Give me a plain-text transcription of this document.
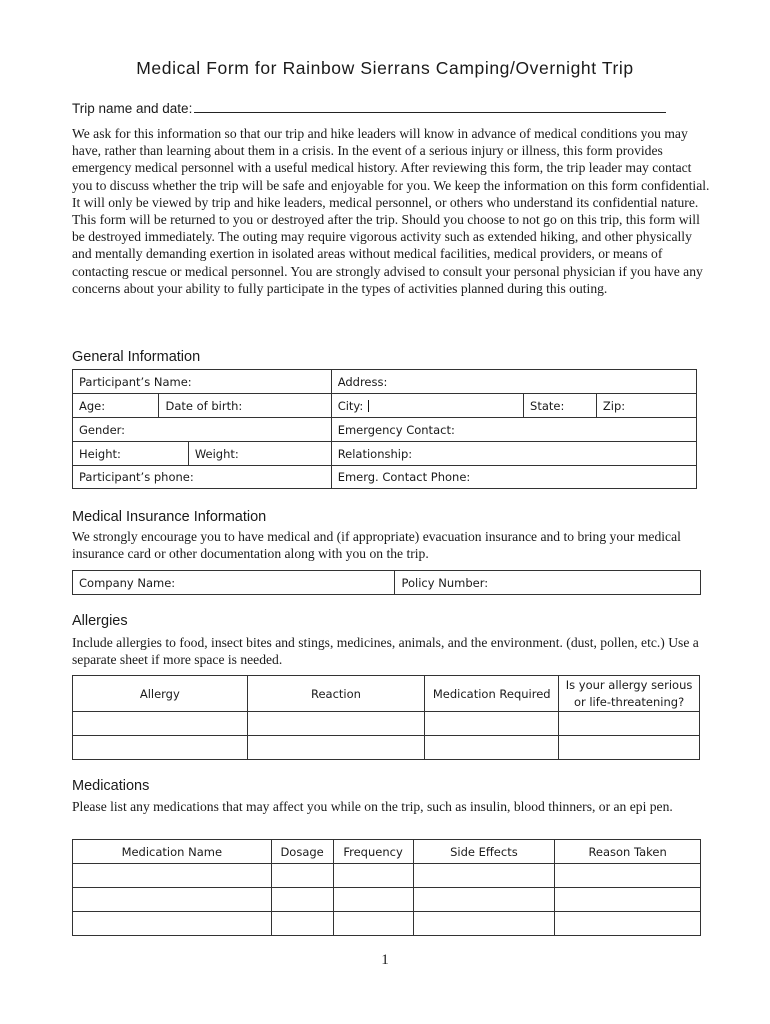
Medical Form for Rainbow Sierrans Camping/Overnight Trip
Trip name and date:
We ask for this information so that our trip and hike leaders will know in advance of medical conditions you may have, rather than learning about them in a crisis. In the event of a serious injury or illness, this form provides emergency medical personnel with a useful medical history. After reviewing this form, the trip leader may contact you to discuss whether the trip will be safe and enjoyable for you. We keep the information on this form confidential. It will only be viewed by trip and hike leaders, medical personnel, or others who understand its confidential nature. This form will be returned to you or destroyed after the trip. Should you choose to not go on this trip, this form will be destroyed immediately. The outing may require vigorous activity such as extended hiking, and other physically and mentally demanding exertion in isolated areas without medical facilities, medical providers, or means of contacting rescue or medical personnel. You are strongly advised to consult your personal physician if you have any concerns about your ability to fully participate in the types of activities planned during this outing.
General Information
Participant’s Name:			Address:		
Age:	Date of birth:		City:	State:	Zip:
Gender:			Emergency Contact:		
Height:		Weight:	Relationship:		
Participant’s phone:			Emerg. Contact Phone:		
Medical Insurance Information
We strongly encourage you to have medical and (if appropriate) evacuation insurance and to bring your medical insurance card or other documentation along with you on the trip.
Company Name:	Policy Number:
Allergies
Include allergies to food, insect bites and stings, medicines, animals, and the environment. (dust, pollen, etc.) Use a separate sheet if more space is needed.
Allergy	Reaction	Medication Required	Is your allergy serious
or life-threatening?

Medications
Please list any medications that may affect you while on the trip, such as insulin, blood thinners, or an epi pen.
Medication Name	Dosage	Frequency	Side Effects	Reason Taken

1
